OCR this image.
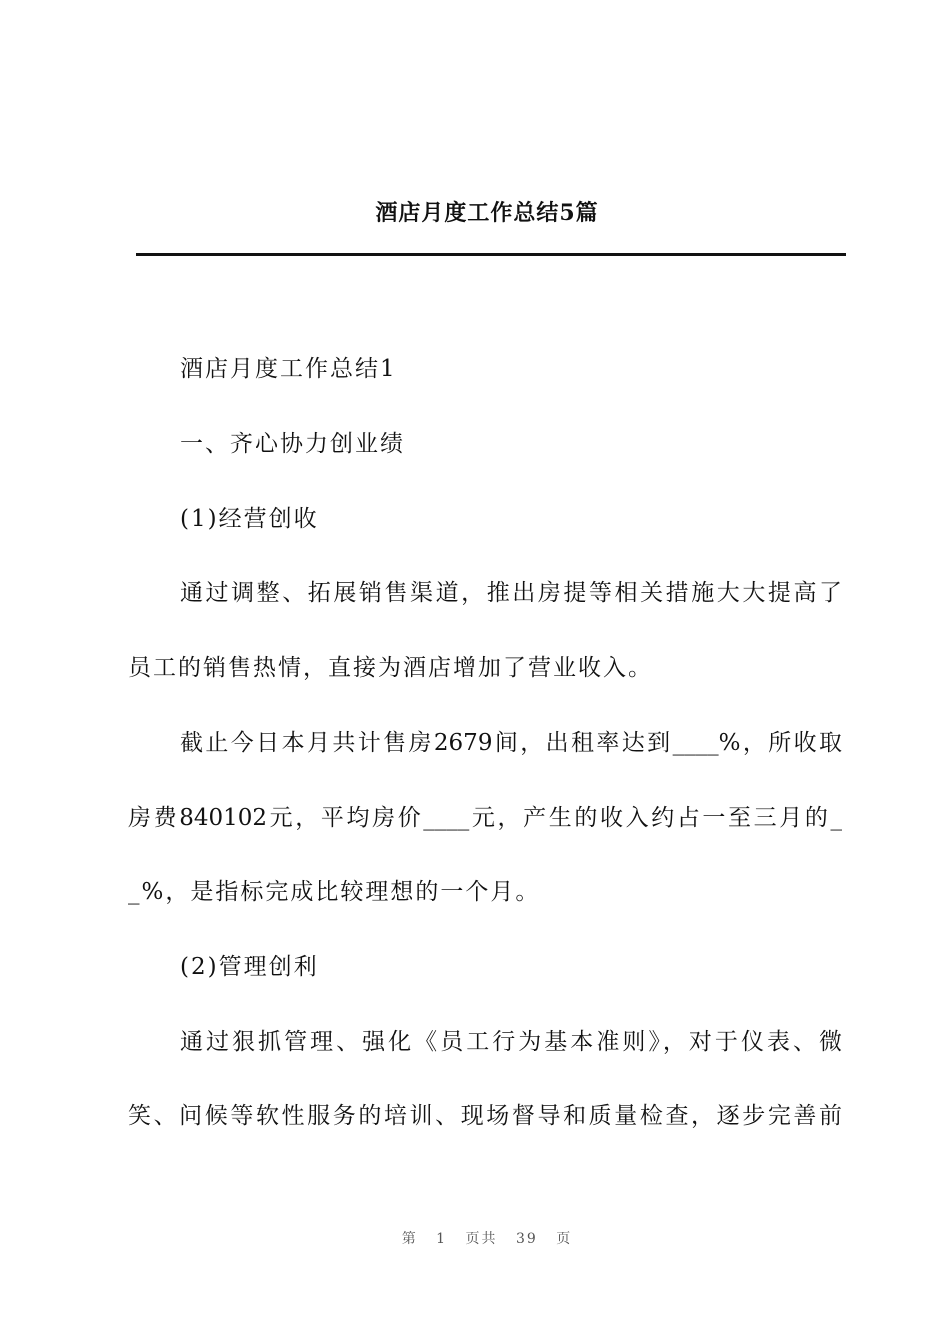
酒店月度工作总结5篇
酒店月度工作总结1
一、齐心协力创业绩
(1)经营创收
通过调整、拓展销售渠道，推出房提等相关措施大大提高了
员工的销售热情，直接为酒店增加了营业收入。
截止今日本月共计售房2679间，出租率达到____%，所收取
房费840102元，平均房价____元，产生的收入约占一至三月的_
_%，是指标完成比较理想的一个月。
(2)管理创利
通过狠抓管理、强化《员工行为基本准则》，对于仪表、微
笑、问候等软性服务的培训、现场督导和质量检查，逐步完善前
第 1 页共 39 页
